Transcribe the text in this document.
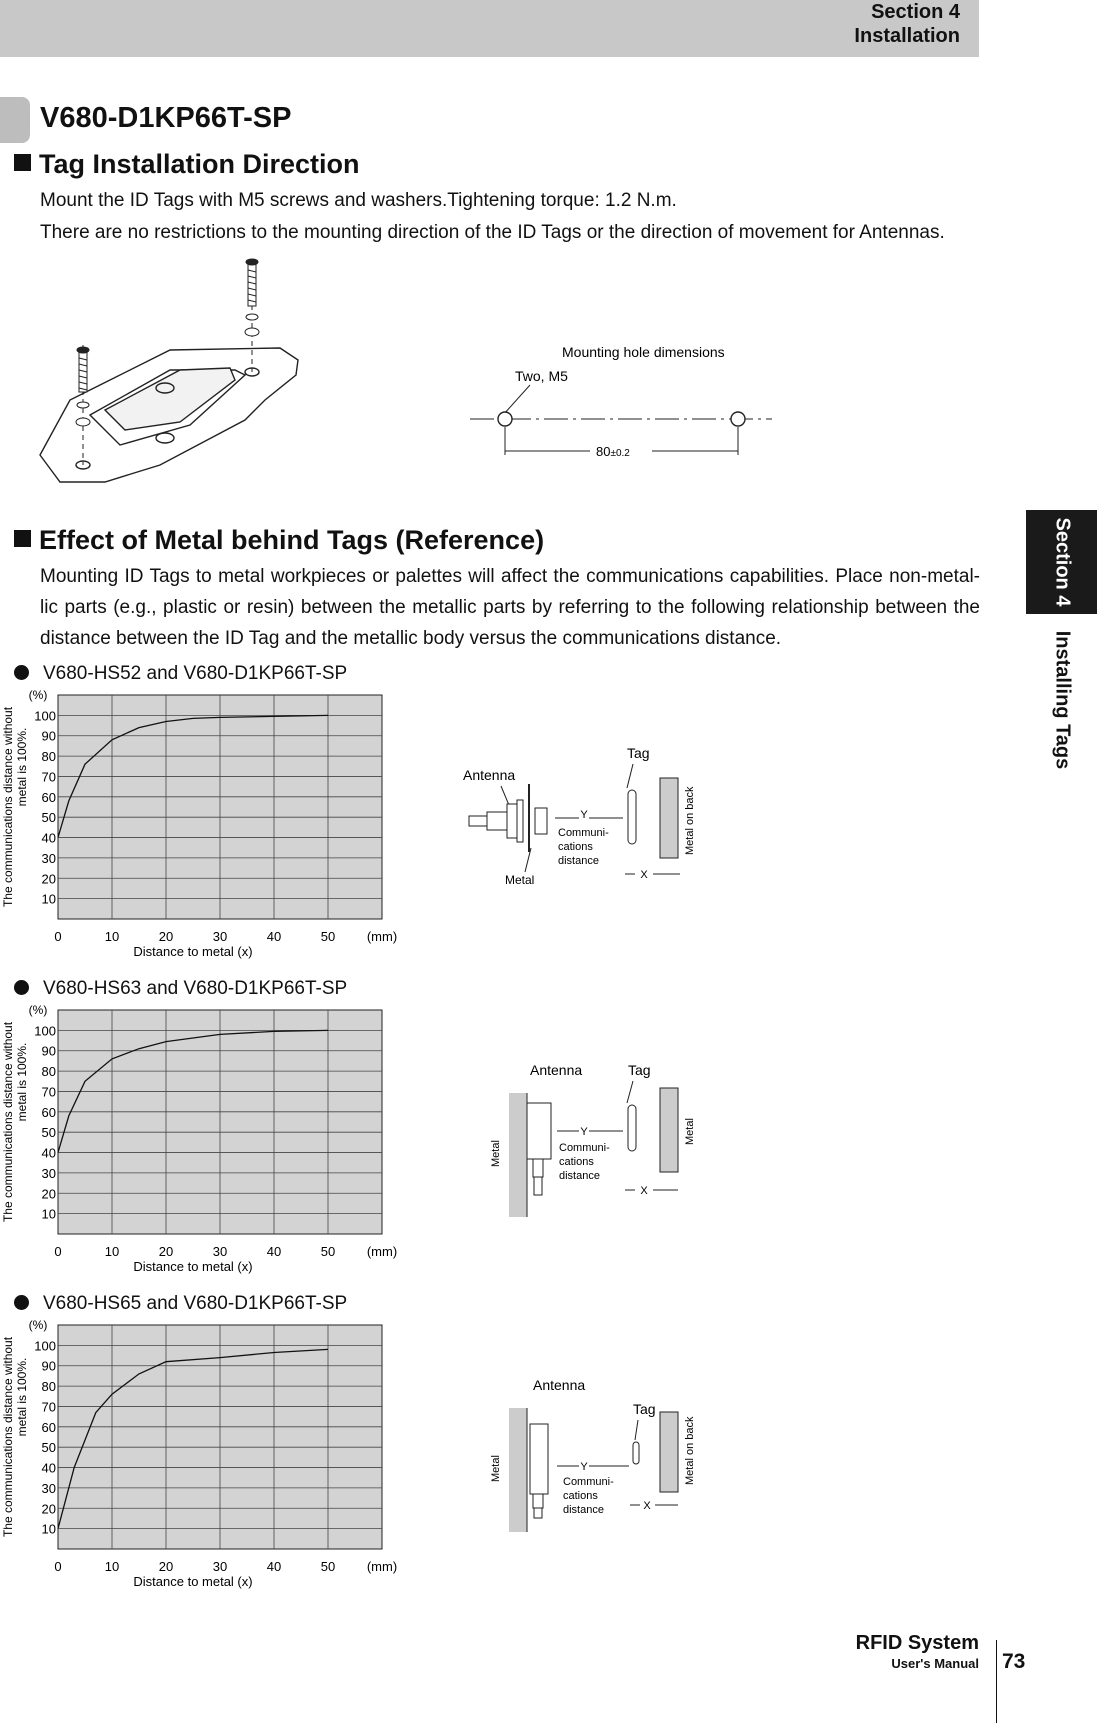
Section 4
Installation
V680-D1KP66T-SP
Section 4
Installing Tags
Tag Installation Direction
Mount the ID Tags with M5 screws and washers.Tightening torque: 1.2 N.m.
There are no restrictions to the mounting direction of the ID Tags or the direction of movement for Antennas.
Mounting hole dimensions
Two, M5
80±0.2
Effect of Metal behind Tags (Reference)
Mounting ID Tags to metal workpieces or palettes will affect the communications capabilities. Place non-metal-lic parts (e.g., plastic or resin) between the metallic parts by referring to the following relationship between the distance between the ID Tag and the metallic body versus the communications distance.
V680-HS52 and V680-D1KP66T-SP
V680-HS63 and V680-D1KP66T-SP
V680-HS65 and V680-D1KP66T-SP
10
20
30
40
50
60
70
80
90
100
0	10	20	30	40	50
(%)
(mm)
Distance to metal (x)
The communications distance without metal is 100%.
10
20
30
40
50
60
70
80
90
100
0	10	20	30	40	50
(%)
(mm)
Distance to metal (x)
The communications distance without metal is 100%.
10
20
30
40
50
60
70
80
90
100
0	10	20	30	40	50
(%)
(mm)
Distance to metal (x)
The communications distance without metal is 100%.
Antenna
Tag
Metal
Metal on back
Y
Communi-
cations
distance
X
Antenna	Tag
Metal
Metal
Y
Communi-
cations
distance
X
Antenna
Tag
Metal	Metal on back
Y
Communi-
cations
distance	X
RFID System
User's Manual 73
